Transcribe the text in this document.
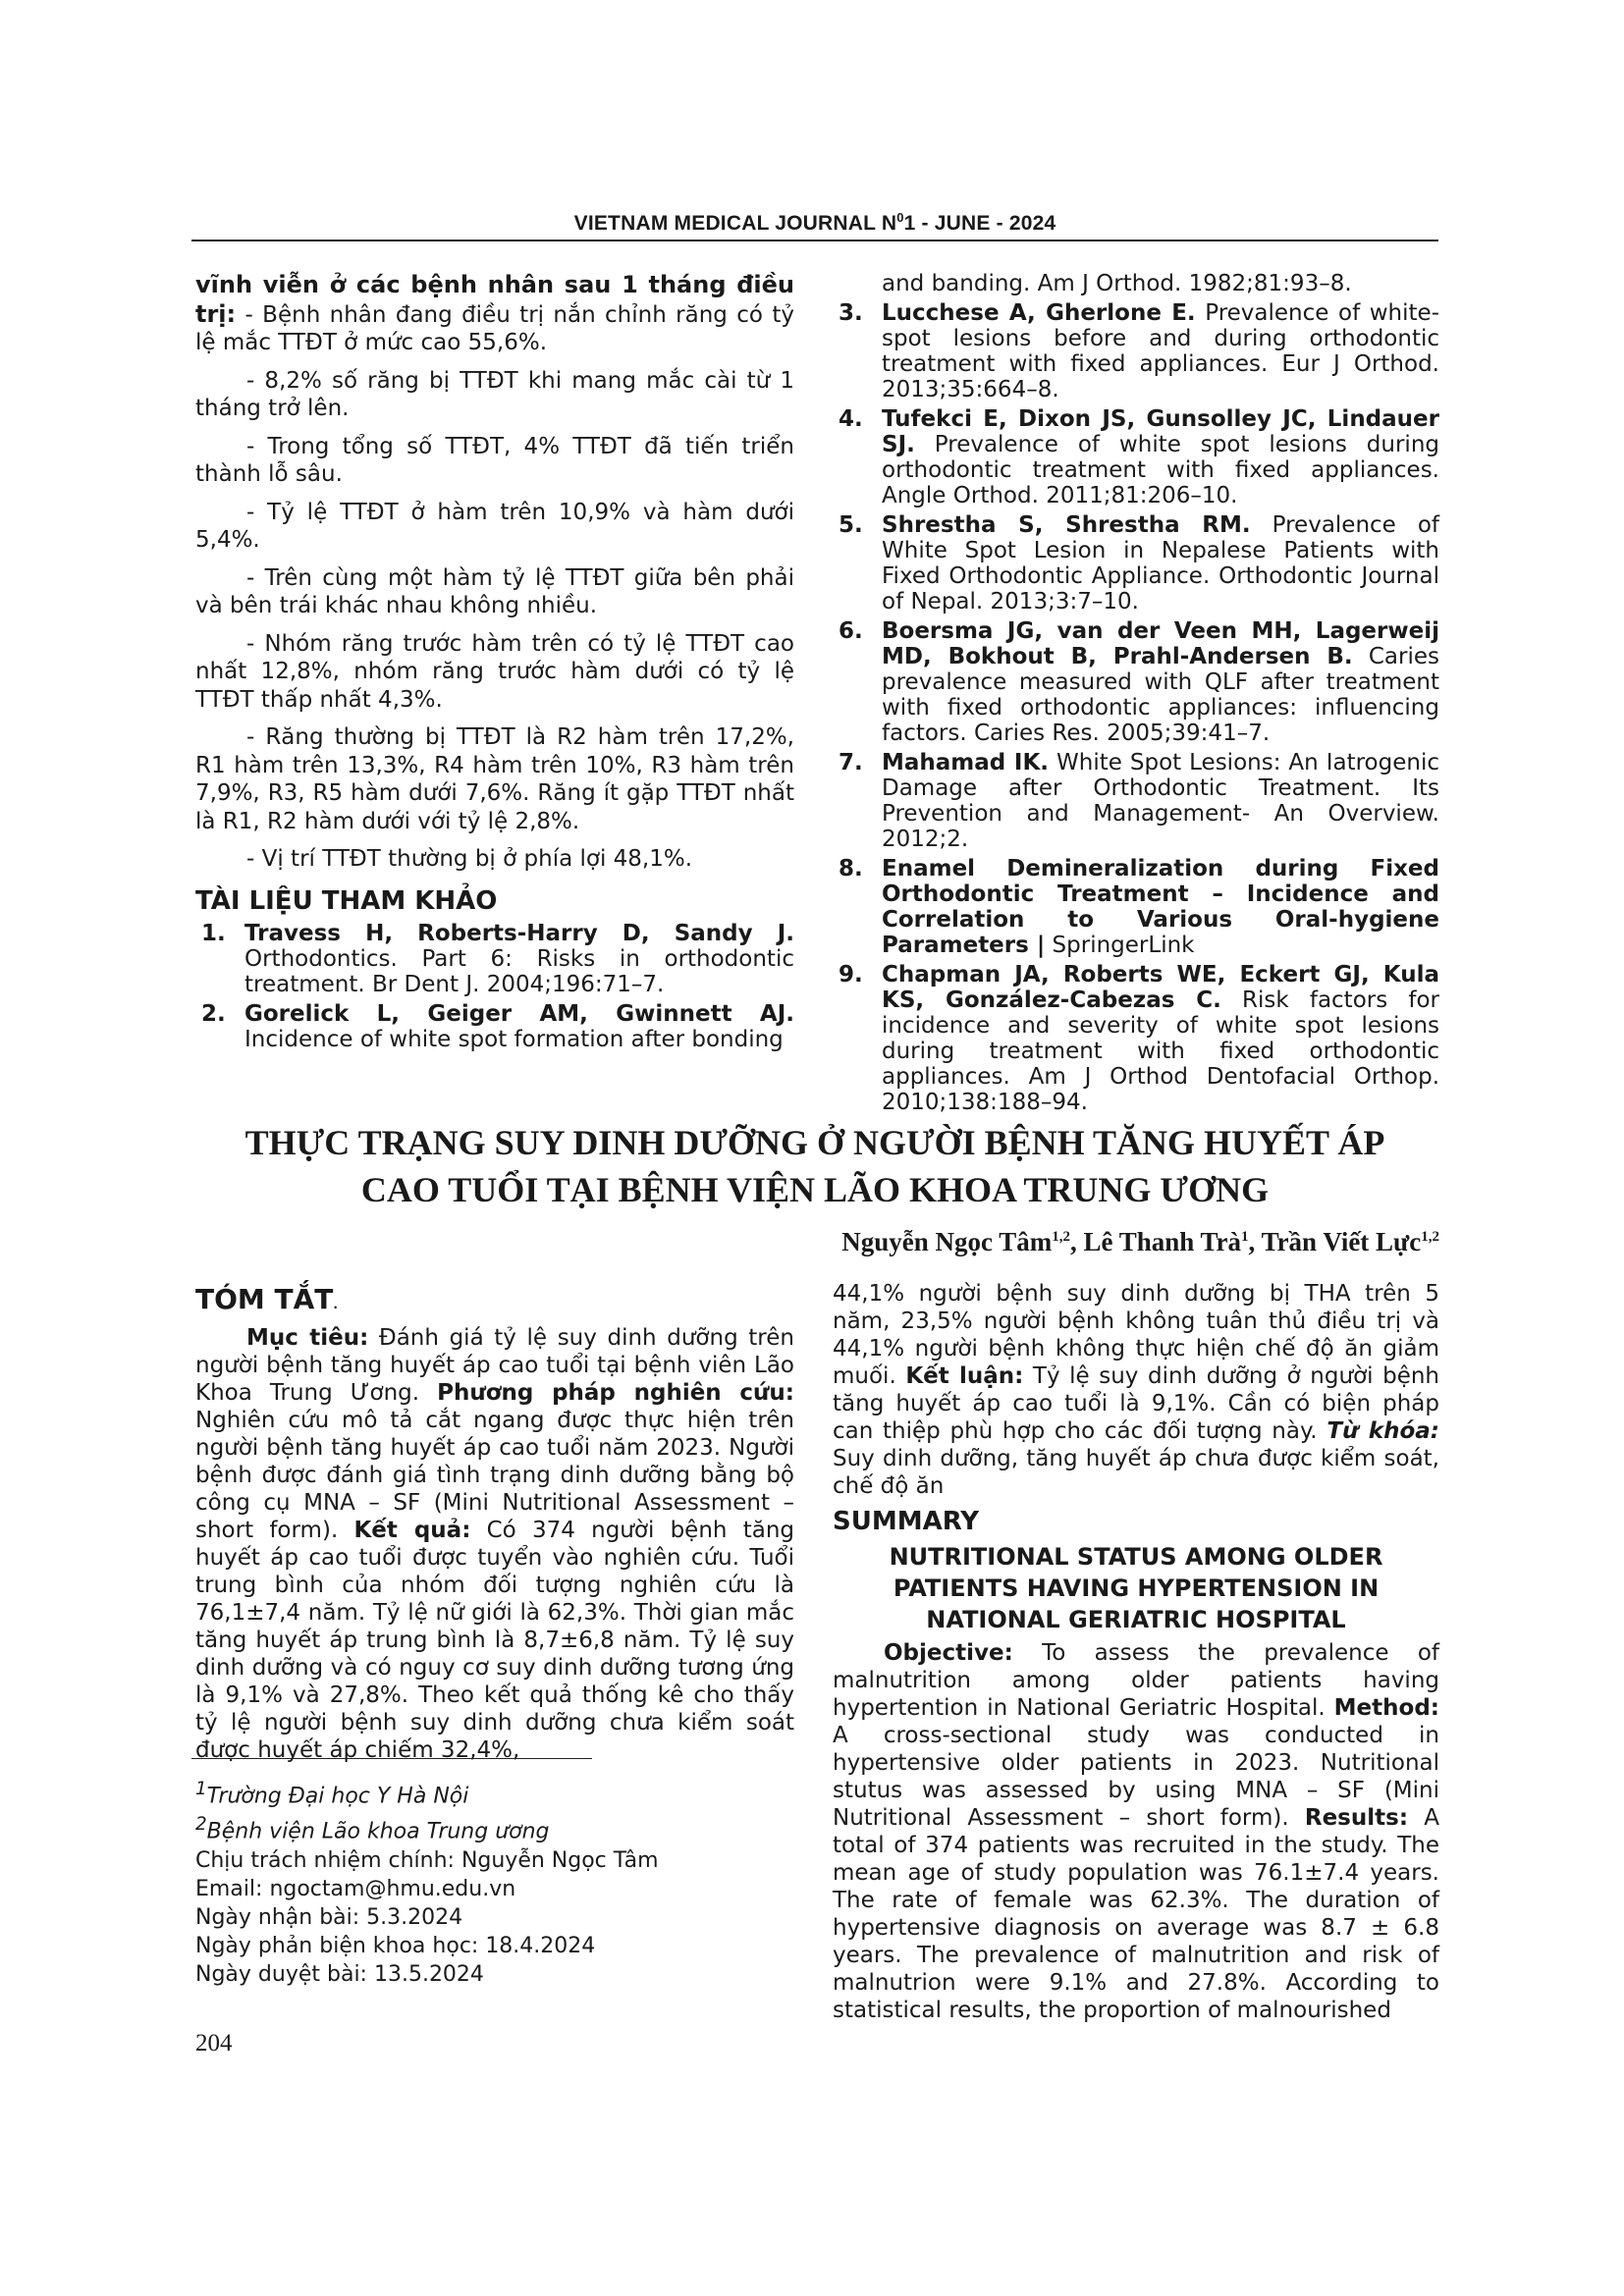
VIETNAM MEDICAL JOURNAL $N^01$ - JUNE - 2024

vĩnh viễn ở các bệnh nhân sau 1 tháng điều trị: - Bệnh nhân đang điều trị nắn chỉnh răng có tỷ lệ mắc TTĐT ở mức cao 55,6%.

- 8,2% số răng bị TTĐT khi mang mắc cài từ 1 tháng trở lên.

- Trong tổng số TTĐT, 4% TTĐT đã tiến triển thành lỗ sâu.

- Tỷ lệ TTĐT ở hàm trên 10,9% và hàm dưới 5,4%.

- Trên cùng một hàm tỷ lệ TTĐT giữa bên phải và bên trái khác nhau không nhiều.

- Nhóm răng trước hàm trên có tỷ lệ TTĐT cao nhất 12,8%, nhóm răng trước hàm dưới có tỷ lệ TTĐT thấp nhất 4,3%.

- Răng thường bị TTĐT là R2 hàm trên 17,2%, R1 hàm trên 13,3%, R4 hàm trên 10%, R3 hàm trên 7,9%, R3, R5 hàm dưới 7,6%. Răng ít gặp TTĐT nhất là R1, R2 hàm dưới với tỷ lệ 2,8%.

- Vị trí TTĐT thường bị ở phía lợi 48,1%.

TÀI LIỆU THAM KHẢO
1. Travess H, Roberts-Harry D, Sandy J. Orthodontics. Part 6: Risks in orthodontic treatment. Br Dent J. 2004;196:71–7.
2. Gorelick L, Geiger AM, Gwinnett AJ. Incidence of white spot formation after bonding
and banding. Am J Orthod. 1982;81:93–8.
3. Lucchese A, Gherlone E. Prevalence of white-spot lesions before and during orthodontic treatment with fixed appliances. Eur J Orthod. 2013;35:664–8.
4. Tufekci E, Dixon JS, Gunsolley JC, Lindauer SJ. Prevalence of white spot lesions during orthodontic treatment with fixed appliances. Angle Orthod. 2011;81:206–10.
5. Shrestha S, Shrestha RM. Prevalence of White Spot Lesion in Nepalese Patients with Fixed Orthodontic Appliance. Orthodontic Journal of Nepal. 2013;3:7–10.
6. Boersma JG, van der Veen MH, Lagerweij MD, Bokhout B, Prahl-Andersen B. Caries prevalence measured with QLF after treatment with fixed orthodontic appliances: influencing factors. Caries Res. 2005;39:41–7.
7. Mahamad IK. White Spot Lesions: An Iatrogenic Damage after Orthodontic Treatment. Its Prevention and Management- An Overview. 2012;2.
8. Enamel Demineralization during Fixed Orthodontic Treatment – Incidence and Correlation to Various Oral-hygiene Parameters | SpringerLink
9. Chapman JA, Roberts WE, Eckert GJ, Kula KS, González-Cabezas C. Risk factors for incidence and severity of white spot lesions during treatment with fixed orthodontic appliances. Am J Orthod Dentofacial Orthop. 2010;138:188–94.
THỰC TRẠNG SUY DINH DƯỠNG Ở NGƯỜI BỆNH TĂNG HUYẾT ÁP
CAO TUỔI TẠI BỆNH VIỆN LÃO KHOA TRUNG ƯƠNG
Nguyễn Ngọc Tâm$^{1,2}$, Lê Thanh Trà$^1$, Trần Viết Lực$^{1,2}$
TÓM TẮT.

Mục tiêu: Đánh giá tỷ lệ suy dinh dưỡng trên người bệnh tăng huyết áp cao tuổi tại bệnh viên Lão Khoa Trung Ương. Phương pháp nghiên cứu: Nghiên cứu mô tả cắt ngang được thực hiện trên người bệnh tăng huyết áp cao tuổi năm 2023. Người bệnh được đánh giá tình trạng dinh dưỡng bằng bộ công cụ MNA – SF (Mini Nutritional Assessment – short form). Kết quả: Có 374 người bệnh tăng huyết áp cao tuổi được tuyển vào nghiên cứu. Tuổi trung bình của nhóm đối tượng nghiên cứu là 76,1±7,4 năm. Tỷ lệ nữ giới là 62,3%. Thời gian mắc tăng huyết áp trung bình là 8,7±6,8 năm. Tỷ lệ suy dinh dưỡng và có nguy cơ suy dinh dưỡng tương ứng là 9,1% và 27,8%. Theo kết quả thống kê cho thấy tỷ lệ người bệnh suy dinh dưỡng chưa kiểm soát được huyết áp chiếm 32,4%,

44,1% người bệnh suy dinh dưỡng bị THA trên 5 năm, 23,5% người bệnh không tuân thủ điều trị và 44,1% người bệnh không thực hiện chế độ ăn giảm muối. Kết luận: Tỷ lệ suy dinh dưỡng ở người bệnh tăng huyết áp cao tuổi là 9,1%. Cần có biện pháp can thiệp phù hợp cho các đối tượng này. Từ khóa: Suy dinh dưỡng, tăng huyết áp chưa được kiểm soát, chế độ ăn

SUMMARY
NUTRITIONAL STATUS AMONG OLDER PATIENTS HAVING HYPERTENSION IN NATIONAL GERIATRIC HOSPITAL

Objective: To assess the prevalence of malnutrition among older patients having hypertention in National Geriatric Hospital. Method: A cross-sectional study was conducted in hypertensive older patients in 2023. Nutritional stutus was assessed by using MNA – SF (Mini Nutritional Assessment – short form). Results: A total of 374 patients was recruited in the study. The mean age of study population was 76.1±7.4 years. The rate of female was 62.3%. The duration of hypertensive diagnosis on average was 8.7 ± 6.8 years. The prevalence of malnutrition and risk of malnutrion were 9.1% and 27.8%. According to statistical results, the proportion of malnourished

$^1$Trường Đại học Y Hà Nội
$^2$Bệnh viện Lão khoa Trung ương
Chịu trách nhiệm chính: Nguyễn Ngọc Tâm
Email: ngoctam@hmu.edu.vn
Ngày nhận bài: 5.3.2024
Ngày phản biện khoa học: 18.4.2024
Ngày duyệt bài: 13.5.2024
204
